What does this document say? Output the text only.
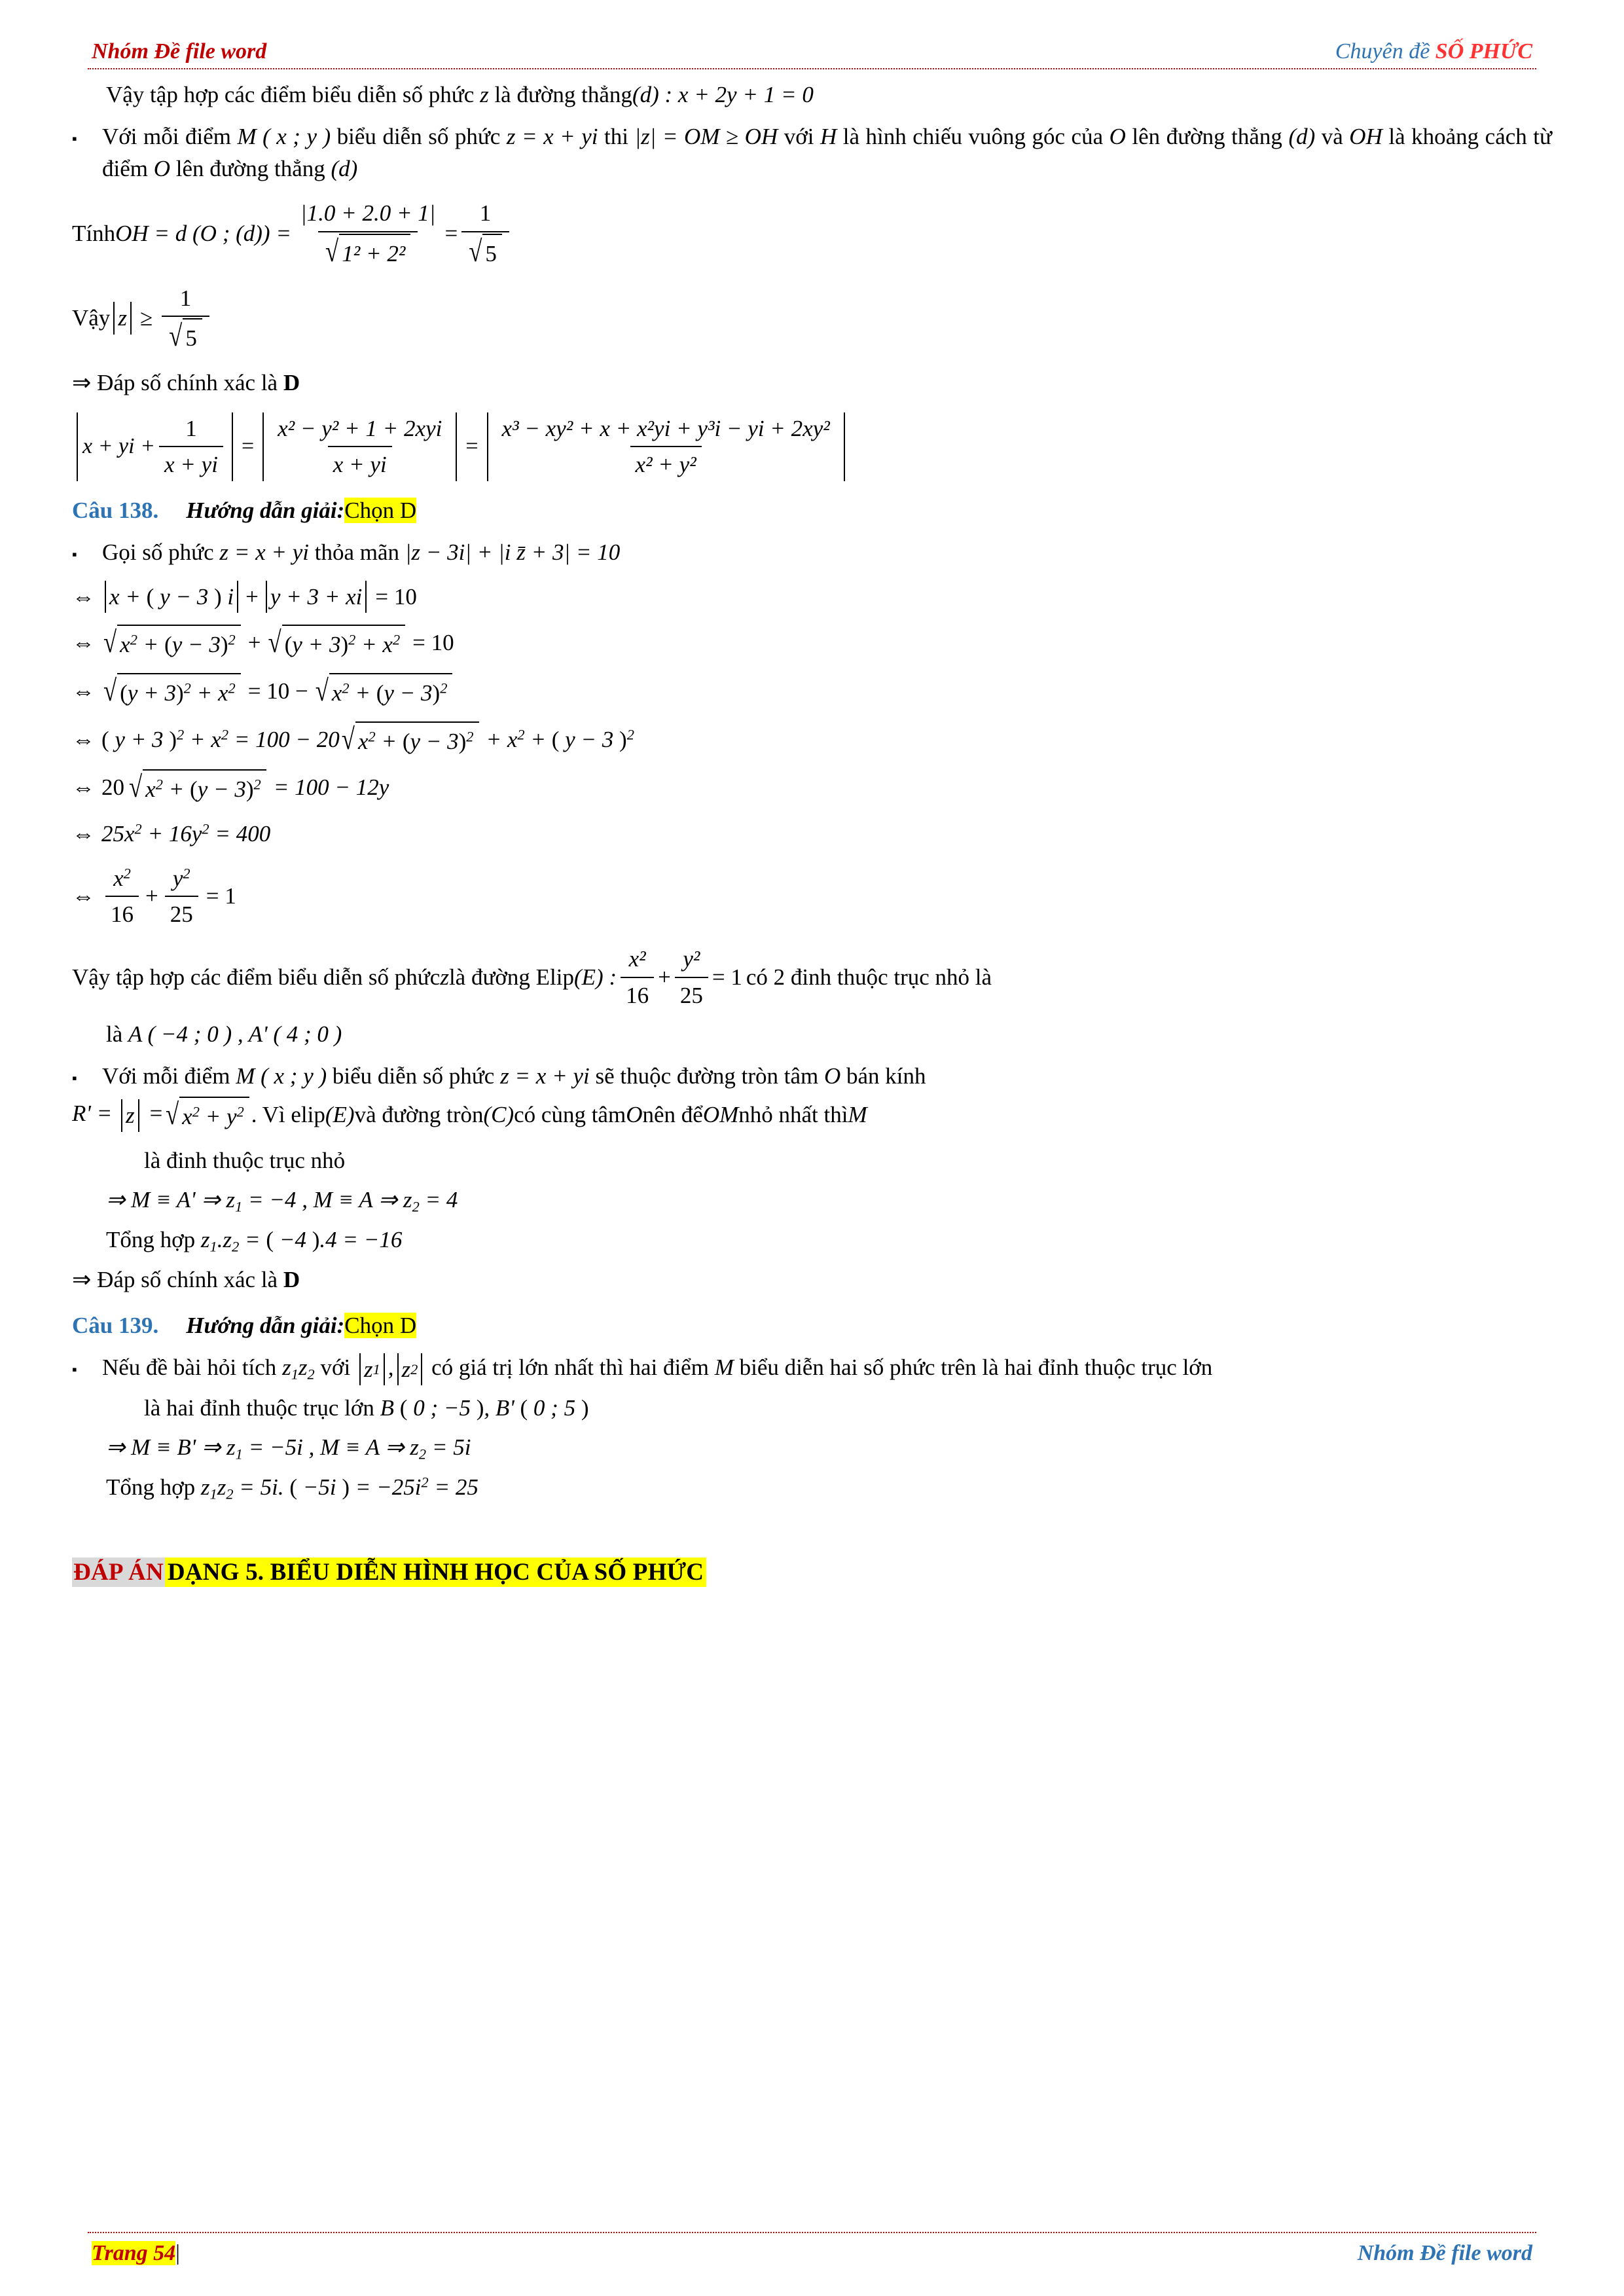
Nhóm Đề file word	Chuyên đề SỐ PHỨC
Vậy tập hợp các điểm biểu diễn số phức z là đường thẳng(d) : x + 2y + 1 = 0
▪	Với mỗi điểm M ( x ; y ) biểu diễn số phức z = x + yi thi |z| = OM ≥ OH với H là hình chiếu vuông góc của O lên đường thẳng (d) và OH là khoảng cách từ điểm O lên đường thẳng (d)
Tính OH = d (O ; $(d)) = \frac{|1.0 + 2.0 + 1|}{\text{√ 1² + 2²}} = \frac{1}{√ 5}$
Vậy $z \ge \frac{1}{√ 5}$
⇒ Đáp số chính xác là D
x + yi + $\frac{1}{x + yi} = \frac{\text{x² − y² + 1 + 2xyi}}{x + yi} = \frac{\text{x³ − xy² + x + x²yi + y³i − yi + 2xy²}}{\text{x² + y²}}$
Câu 138. Hướng dẫn giải:Chọn D
▪	Gọi số phức z = x + yi thỏa mãn |z − 3i| + |i z̄ + 3| = 10
⇔ x + ( y − 3 ) i + y + 3 + xi = 10
⇔ √ $x^2 + (y - 3)^2$ + √ $(y + 3)^2 + x^2 = 10$
⇔ √ $(y + 3)^2 + x^2 = 10$ − √ $x^2 + (y - 3)^2$
⇔ ( y + 3 )$^2 + x^2 = 100 - 20$ √ $x^2 + (y - 3)^2 + x^2$ + ( y − 3 )$^2$
⇔ 20 √ $x^2 + (y - 3)^2 = 100 - 12y$
⇔ $25x^2 + 16y^2 = 400$
⇔ $\frac{x^2}{16} + \frac{y^2}{25} = 1$
Vậy tập hợp các điểm biểu diễn số phức z là đường Elip (E) : $\frac{\text{x²}}{16} + \frac{\text{y²}}{25} = 1$ có 2 đinh thuộc trục nhỏ là
là A ( −4 ; 0 ) , A' ( 4 ; 0 )
▪	Với mỗi điểm M ( x ; y ) biểu diễn số phức z = x + yi sẽ thuộc đường tròn tâm O bán kính
R' =
z
= √ $x^2 + y^2$ . Vì elip (E) và đường tròn (C) có cùng tâm O nên để OM nhỏ nhất thì M
là đinh thuộc trục nhỏ
⇒ M ≡ A' ⇒ $z_1 = -4$ , M ≡ A ⇒ $z_2 = 4$
Tổng hợp $z_1.z_2$ = ( −4 ).4 = −16
⇒ Đáp số chính xác là D
Câu 139. Hướng dẫn giải:Chọn D
▪	Nếu đề bài hỏi tích $z_1z_2$ với
z 1 , z 2 có giá trị lớn nhất thì hai điểm M biểu diễn hai số phức trên là hai đỉnh thuộc trục lớn
là hai đỉnh thuộc trục lớn B ( 0 ; −5 ), B' ( 0 ; 5 )
⇒ M ≡ B' ⇒ $z_1 = -5i$ , M ≡ A ⇒ $z_2 = 5i$
Tổng hợp $z_1z_2 = 5i$. ( −5i ) = $-25i^2 = 25$
ĐÁP ÁN DẠNG 5. BIỂU DIỄN HÌNH HỌC CỦA SỐ PHỨC
Trang 54|	Nhóm Đề file word
